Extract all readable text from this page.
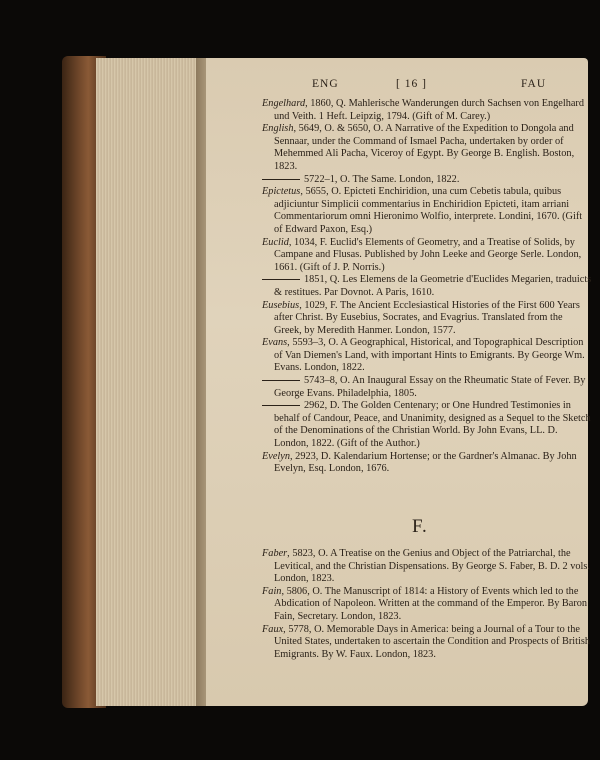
ENG	[ 16 ]	FAU

Engelhard, 1860, Q. Mahlerische Wanderungen durch Sachsen von Engelhard und Veith. 1 Heft. Leipzig, 1794. (Gift of M. Carey.)

English, 5649, O. & 5650, O. A Narrative of the Expedition to Dongola and Sennaar, under the Command of Ismael Pacha, undertaken by order of Mehemmed Ali Pacha, Viceroy of Egypt. By George B. English. Boston, 1823.

5722–1, O. The Same. London, 1822.

Epictetus, 5655, O. Epicteti Enchiridion, una cum Cebetis tabula, quibus adjiciuntur Simplicii commentarius in Enchiridion Epicteti, itam arriani Commentariorum omni Hieronimo Wolfio, interprete. Londini, 1670. (Gift of Edward Paxon, Esq.)

Euclid, 1034, F. Euclid's Elements of Geometry, and a Treatise of Solids, by Campane and Flusas. Published by John Leeke and George Serle. London, 1661. (Gift of J. P. Norris.)

1851, Q. Les Elemens de la Geometrie d'Euclides Megarien, traduicts & restitues. Par Dovnot. A Paris, 1610.

Eusebius, 1029, F. The Ancient Ecclesiastical Histories of the First 600 Years after Christ. By Eusebius, Socrates, and Evagrius. Translated from the Greek, by Meredith Hanmer. London, 1577.

Evans, 5593–3, O. A Geographical, Historical, and Topographical Description of Van Diemen's Land, with important Hints to Emigrants. By George Wm. Evans. London, 1822.

5743–8, O. An Inaugural Essay on the Rheumatic State of Fever. By George Evans. Philadelphia, 1805.

2962, D. The Golden Centenary; or One Hundred Testimonies in behalf of Candour, Peace, and Unanimity, designed as a Sequel to the Sketch of the Denominations of the Christian World. By John Evans, LL. D. London, 1822. (Gift of the Author.)

Evelyn, 2923, D. Kalendarium Hortense; or the Gardner's Almanac. By John Evelyn, Esq. London, 1676.

F.

Faber, 5823, O. A Treatise on the Genius and Object of the Patriarchal, the Levitical, and the Christian Dispensations. By George S. Faber, B. D. 2 vols. London, 1823.

Fain, 5806, O. The Manuscript of 1814: a History of Events which led to the Abdication of Napoleon. Written at the command of the Emperor. By Baron Fain, Secretary. London, 1823.

Faux, 5778, O. Memorable Days in America: being a Journal of a Tour to the United States, undertaken to ascertain the Condition and Prospects of British Emigrants. By W. Faux. London, 1823.
